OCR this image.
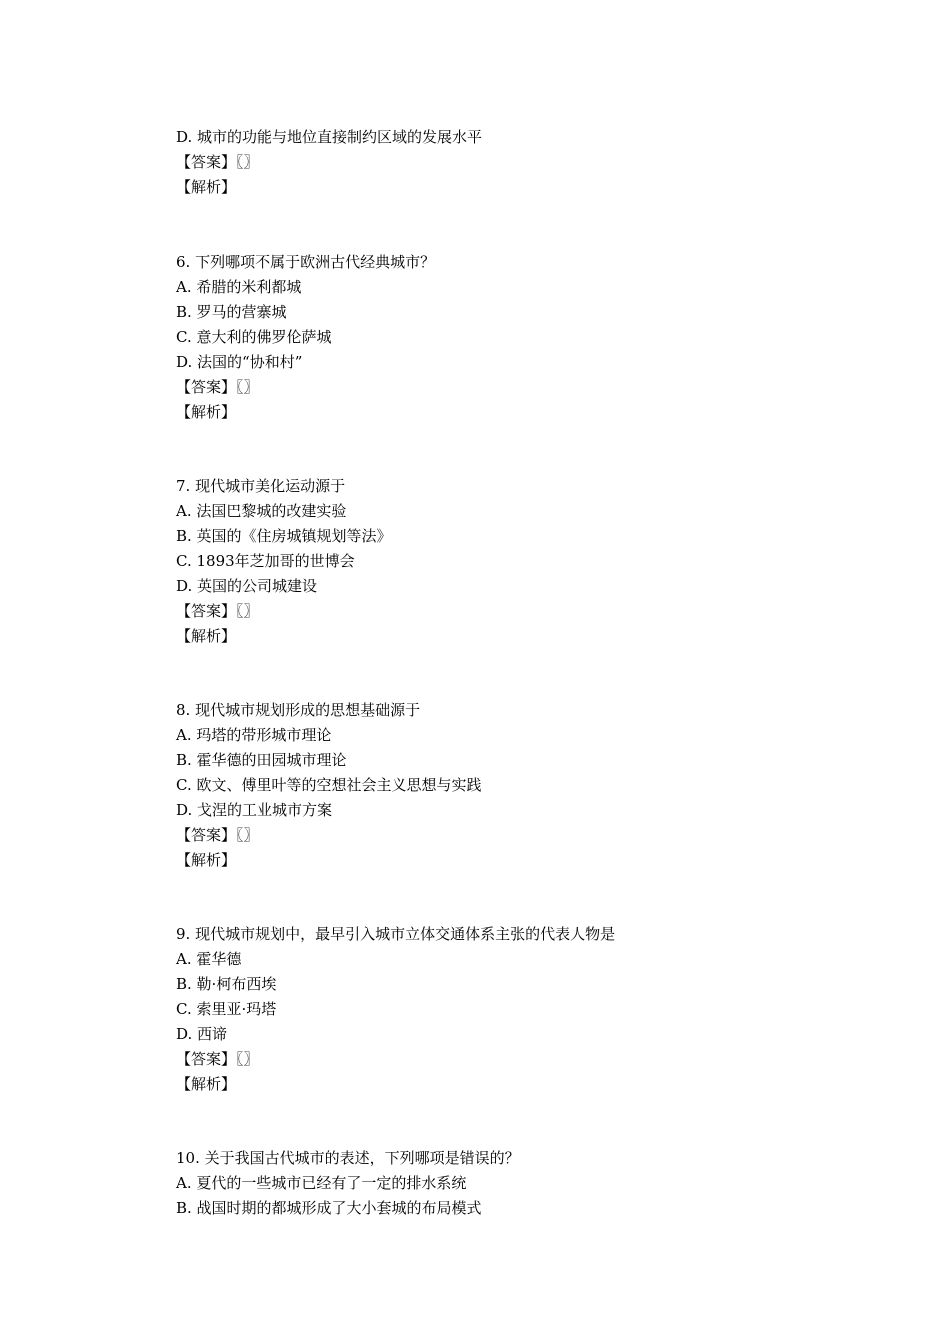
D. 城市的功能与地位直接制约区域的发展水平
【答案】〖〗
【解析】
6. 下列哪项不属于欧洲古代经典城市？
A. 希腊的米利都城
B. 罗马的营寨城
C. 意大利的佛罗伦萨城
D. 法国的“协和村”
【答案】〖〗
【解析】
7. 现代城市美化运动源于
A. 法国巴黎城的改建实验
B. 英国的《住房城镇规划等法》
C. 1893年芝加哥的世博会
D. 英国的公司城建设
【答案】〖〗
【解析】
8. 现代城市规划形成的思想基础源于
A. 玛塔的带形城市理论
B. 霍华德的田园城市理论
C. 欧文、傅里叶等的空想社会主义思想与实践
D. 戈涅的工业城市方案
【答案】〖〗
【解析】
9. 现代城市规划中，最早引入城市立体交通体系主张的代表人物是
A. 霍华德
B. 勒·柯布西埃
C. 索里亚·玛塔
D. 西谛
【答案】〖〗
【解析】
10. 关于我国古代城市的表述，下列哪项是错误的？
A. 夏代的一些城市已经有了一定的排水系统
B. 战国时期的都城形成了大小套城的布局模式
